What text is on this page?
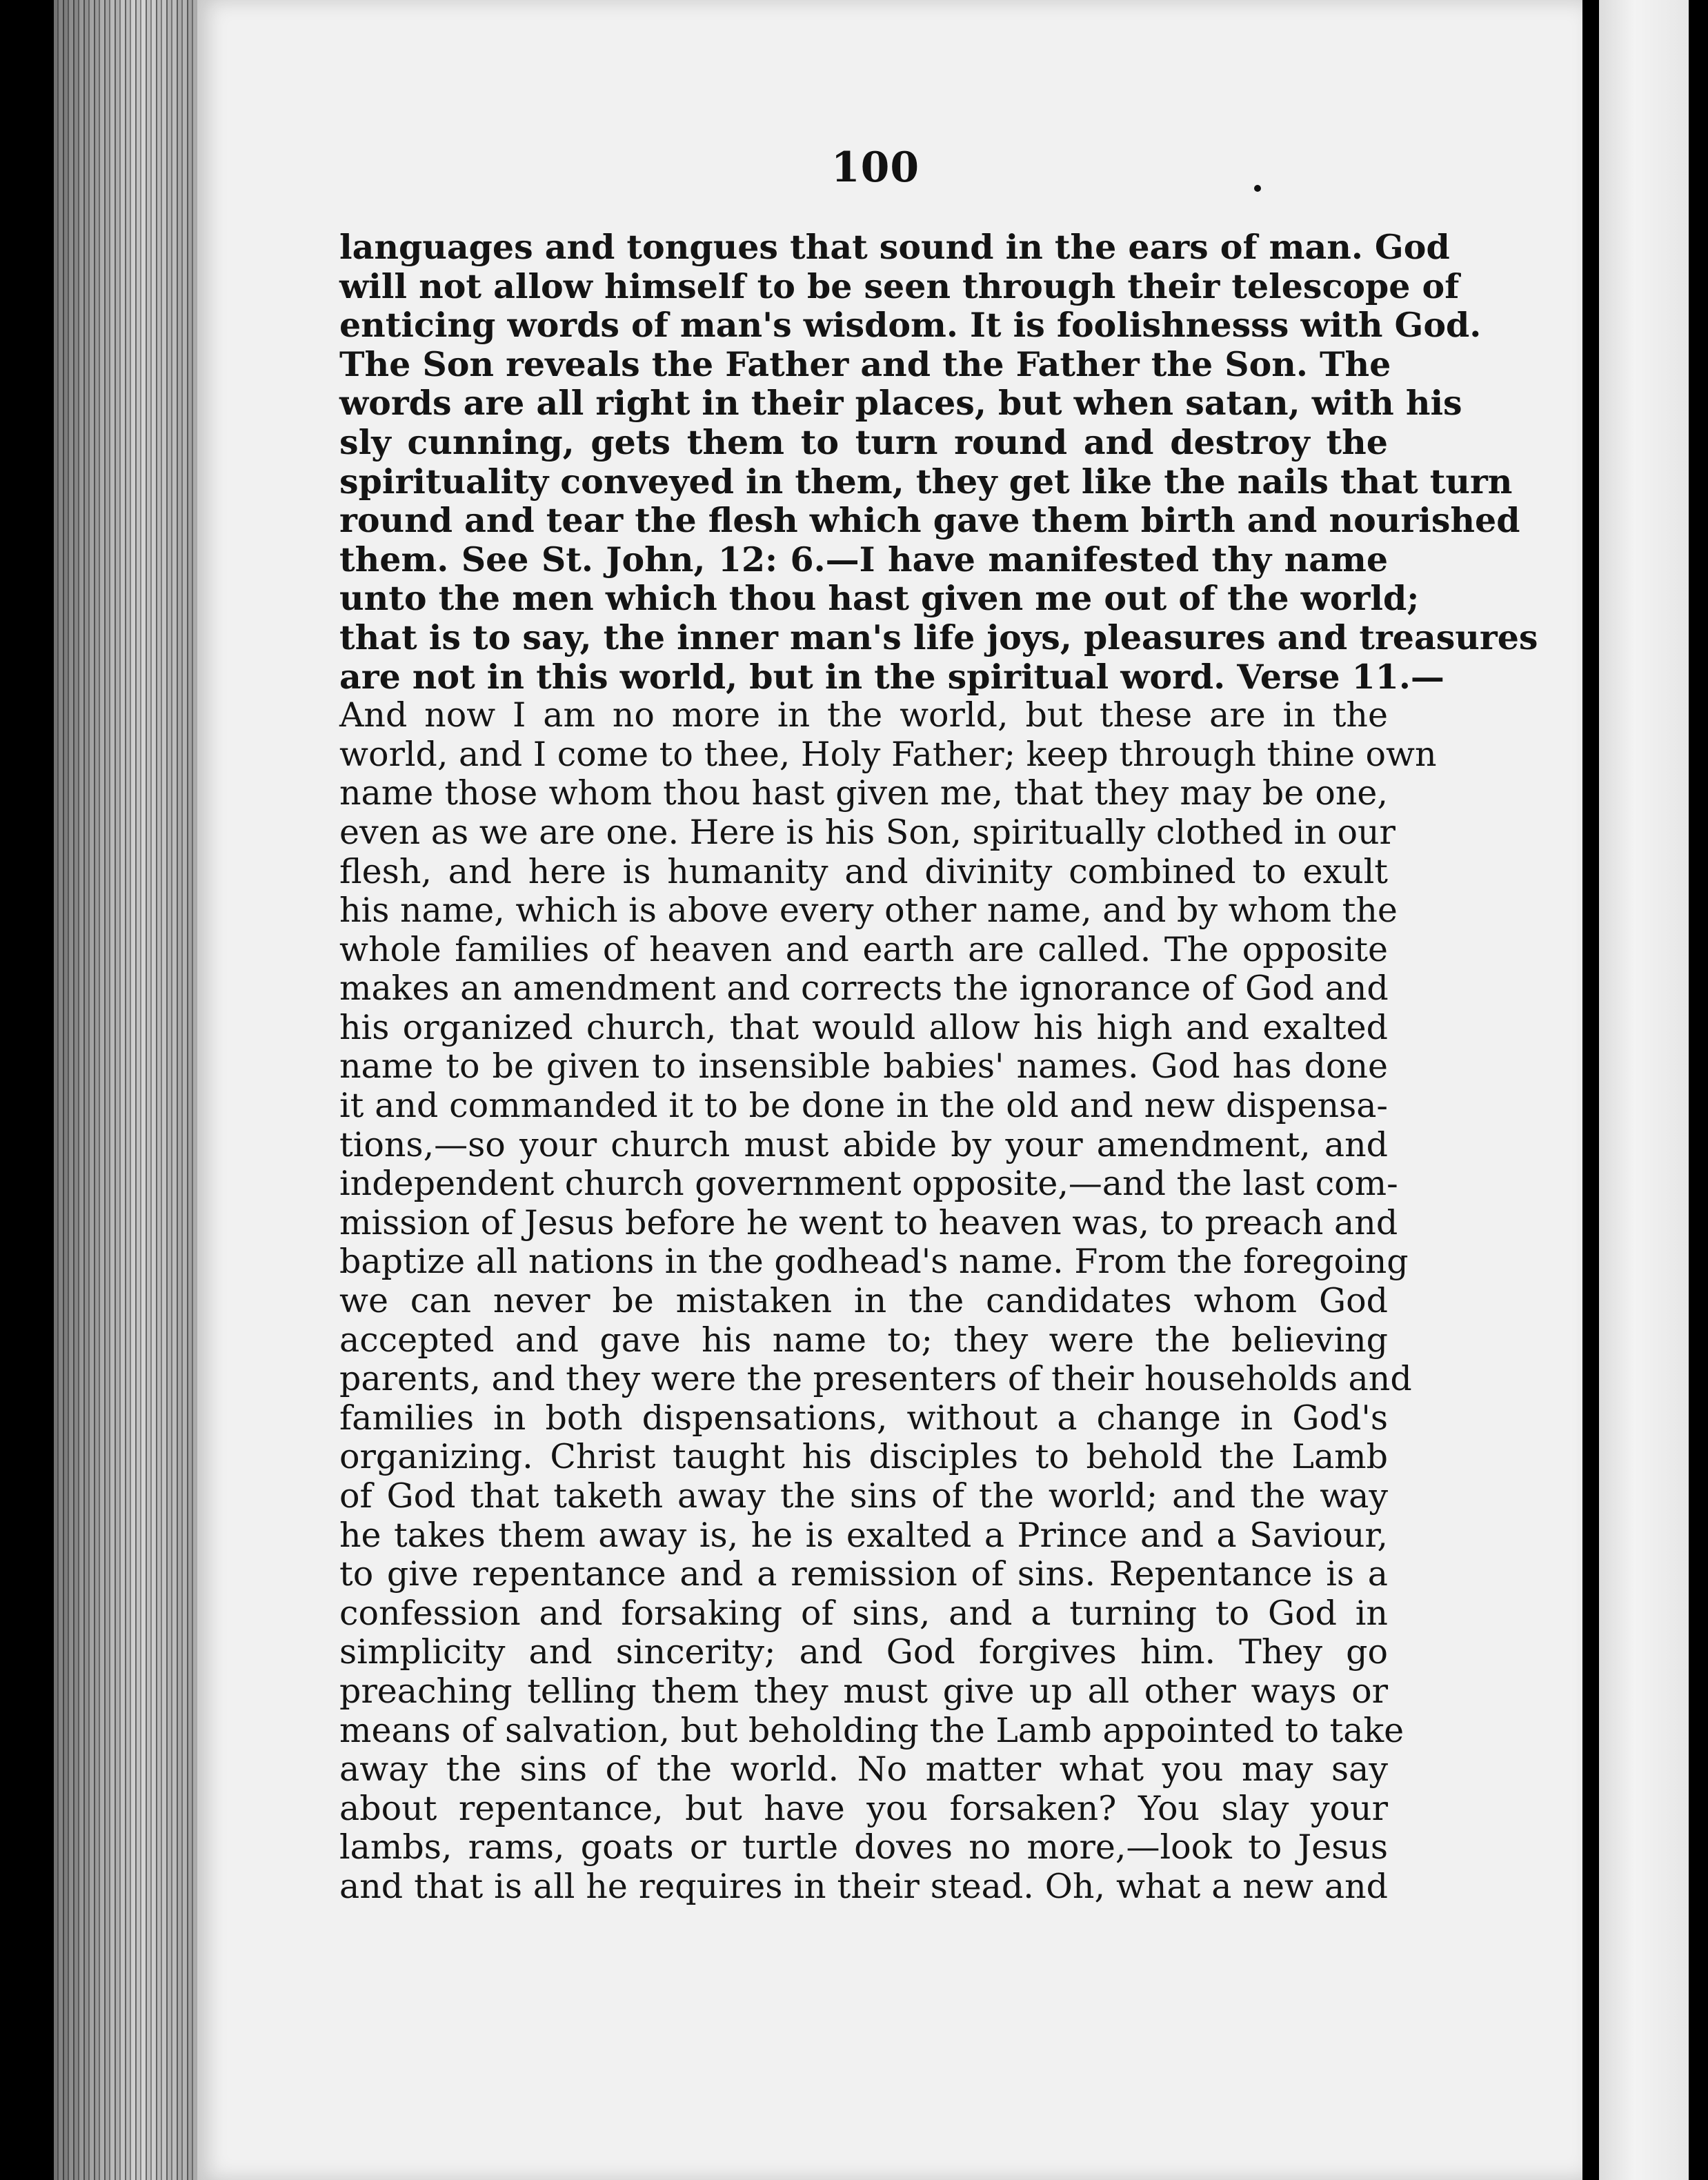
100
languages and tongues that sound in the ears of man. God
will not allow himself to be seen through their telescope of
enticing words of man's wisdom. It is foolishnesss with God.
The Son reveals the Father and the Father the Son. The
words are all right in their places, but when satan, with his
sly cunning, gets them to turn round and destroy the
spirituality conveyed in them, they get like the nails that turn
round and tear the flesh which gave them birth and nourished
them. See St. John, 12: 6.—I have manifested thy name
unto the men which thou hast given me out of the world;
that is to say, the inner man's life joys, pleasures and treasures
are not in this world, but in the spiritual word. Verse 11.—
And now I am no more in the world, but these are in the
world, and I come to thee, Holy Father; keep through thine own
name those whom thou hast given me, that they may be one,
even as we are one. Here is his Son, spiritually clothed in our
flesh, and here is humanity and divinity combined to exult
his name, which is above every other name, and by whom the
whole families of heaven and earth are called. The opposite
makes an amendment and corrects the ignorance of God and
his organized church, that would allow his high and exalted
name to be given to insensible babies' names. God has done
it and commanded it to be done in the old and new dispensa-
tions,—so your church must abide by your amendment, and
independent church government opposite,—and the last com-
mission of Jesus before he went to heaven was, to preach and
baptize all nations in the godhead's name. From the foregoing
we can never be mistaken in the candidates whom God
accepted and gave his name to; they were the believing
parents, and they were the presenters of their households and
families in both dispensations, without a change in God's
organizing. Christ taught his disciples to behold the Lamb
of God that taketh away the sins of the world; and the way
he takes them away is, he is exalted a Prince and a Saviour,
to give repentance and a remission of sins. Repentance is a
confession and forsaking of sins, and a turning to God in
simplicity and sincerity; and God forgives him. They go
preaching telling them they must give up all other ways or
means of salvation, but beholding the Lamb appointed to take
away the sins of the world. No matter what you may say
about repentance, but have you forsaken? You slay your
lambs, rams, goats or turtle doves no more,—look to Jesus
and that is all he requires in their stead. Oh, what a new and
